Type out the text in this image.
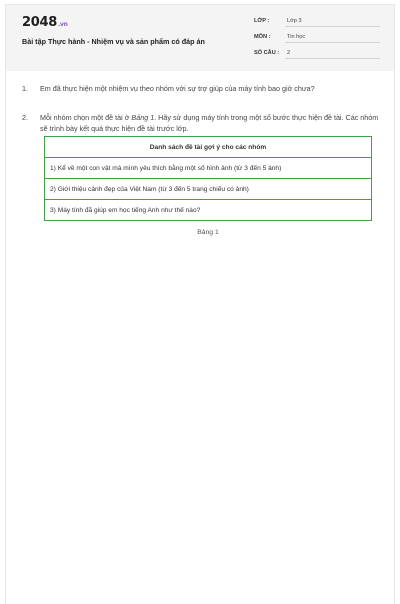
2048.vn
Bài tập Thực hành - Nhiệm vụ và sản phẩm có đáp án
LỚP :	Lớp 3
MÔN :	Tin học
SỐ CÂU :	2
1. Em đã thực hiện một nhiệm vụ theo nhóm với sự trợ giúp của máy tính bao giờ chưa?
2. Mỗi nhóm chọn một đề tài ở Bảng 1. Hãy sử dụng máy tính trong một số bước thực hiện đề tài. Các nhóm sẽ trình bày kết quả thực hiện đề tài trước lớp.
Danh sách đề tài gợi ý cho các nhóm
1) Kể về một con vật mà mình yêu thích bằng một số hình ảnh (từ 3 đến 5 ảnh)
2) Giới thiệu cảnh đẹp của Việt Nam (từ 3 đến 5 trang chiếu có ảnh)
3) Máy tính đã giúp em học tiếng Anh như thế nào?
Bảng 1
